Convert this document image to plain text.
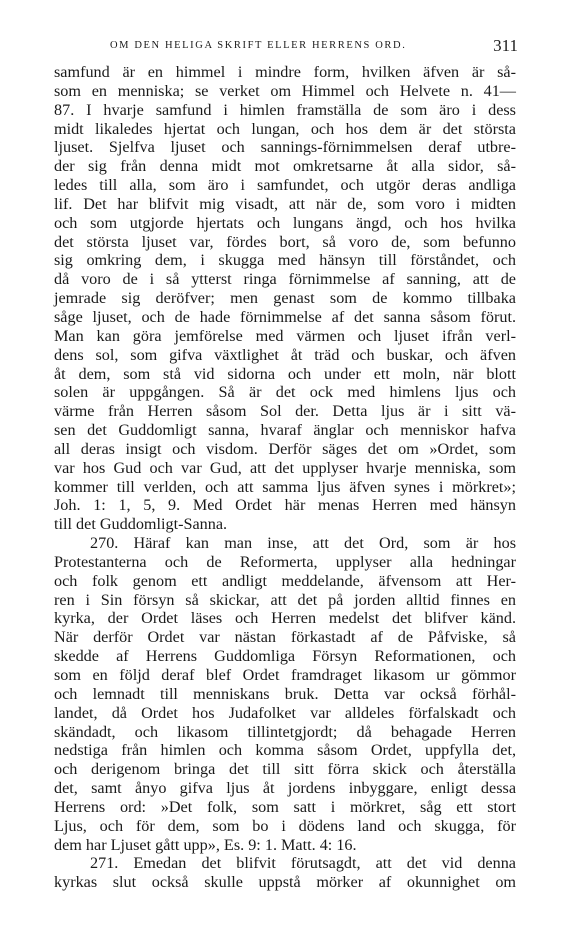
OM DEN HELIGA SKRIFT ELLER HERRENS ORD.	311
samfund är en himmel i mindre form, hvilken äfven är så-
som en menniska; se verket om Himmel och Helvete n. 41—
87. I hvarje samfund i himlen framställa de som äro i dess
midt likaledes hjertat och lungan, och hos dem är det största
ljuset. Sjelfva ljuset och sannings-förnimmelsen deraf utbre-
der sig från denna midt mot omkretsarne åt alla sidor, så-
ledes till alla, som äro i samfundet, och utgör deras andliga
lif. Det har blifvit mig visadt, att när de, som voro i midten
och som utgjorde hjertats och lungans ängd, och hos hvilka
det största ljuset var, fördes bort, så voro de, som befunno
sig omkring dem, i skugga med hänsyn till förståndet, och
då voro de i så ytterst ringa förnimmelse af sanning, att de
jemrade sig deröfver; men genast som de kommo tillbaka
såge ljuset, och de hade förnimmelse af det sanna såsom förut.
Man kan göra jemförelse med värmen och ljuset ifrån verl-
dens sol, som gifva växtlighet åt träd och buskar, och äfven
åt dem, som stå vid sidorna och under ett moln, när blott
solen är uppgången. Så är det ock med himlens ljus och
värme från Herren såsom Sol der. Detta ljus är i sitt vä-
sen det Guddomligt sanna, hvaraf änglar och menniskor hafva
all deras insigt och visdom. Derför säges det om »Ordet, som
var hos Gud och var Gud, att det upplyser hvarje menniska, som
kommer till verlden, och att samma ljus äfven synes i mörkret»;
Joh. 1: 1, 5, 9. Med Ordet här menas Herren med hänsyn
till det Guddomligt-Sanna.
270. Häraf kan man inse, att det Ord, som är hos
Protestanterna och de Reformerta, upplyser alla hedningar
och folk genom ett andligt meddelande, äfvensom att Her-
ren i Sin försyn så skickar, att det på jorden alltid finnes en
kyrka, der Ordet läses och Herren medelst det blifver känd.
När derför Ordet var nästan förkastadt af de Påfviske, så
skedde af Herrens Guddomliga Försyn Reformationen, och
som en följd deraf blef Ordet framdraget likasom ur gömmor
och lemnadt till menniskans bruk. Detta var också förhål-
landet, då Ordet hos Judafolket var alldeles förfalskadt och
skändadt, och likasom tillintetgjordt; då behagade Herren
nedstiga från himlen och komma såsom Ordet, uppfylla det,
och derigenom bringa det till sitt förra skick och återställa
det, samt ånyo gifva ljus åt jordens inbyggare, enligt dessa
Herrens ord: »Det folk, som satt i mörkret, såg ett stort
Ljus, och för dem, som bo i dödens land och skugga, för
dem har Ljuset gått upp», Es. 9: 1. Matt. 4: 16.
271. Emedan det blifvit förutsagdt, att det vid denna
kyrkas slut också skulle uppstå mörker af okunnighet om
